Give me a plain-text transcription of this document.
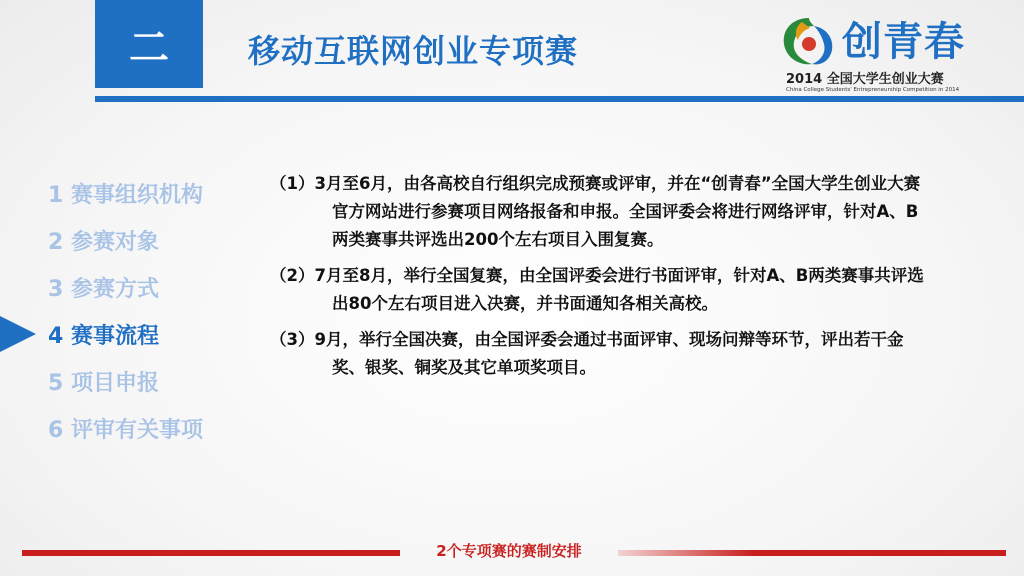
二 移动互联网创业专项赛	创青春
2014 全国大学生创业大赛
China College Students' Entrepreneurship Competition in 2014
1 赛事组织机构
2 参赛对象
3 参赛方式
4 赛事流程
5 项目申报
6 评审有关事项
（1）3月至6月，由各高校自行组织完成预赛或评审，并在“创青春”全国大学生创业大赛官方网站进行参赛项目网络报备和申报。全国评委会将进行网络评审，针对A、B两类赛事共评选出200个左右项目入围复赛。
（2）7月至8月，举行全国复赛，由全国评委会进行书面评审，针对A、B两类赛事共评选出80个左右项目进入决赛，并书面通知各相关高校。
（3）9月，举行全国决赛，由全国评委会通过书面评审、现场问辩等环节，评出若干金奖、银奖、铜奖及其它单项奖项目。
2个专项赛的赛制安排
